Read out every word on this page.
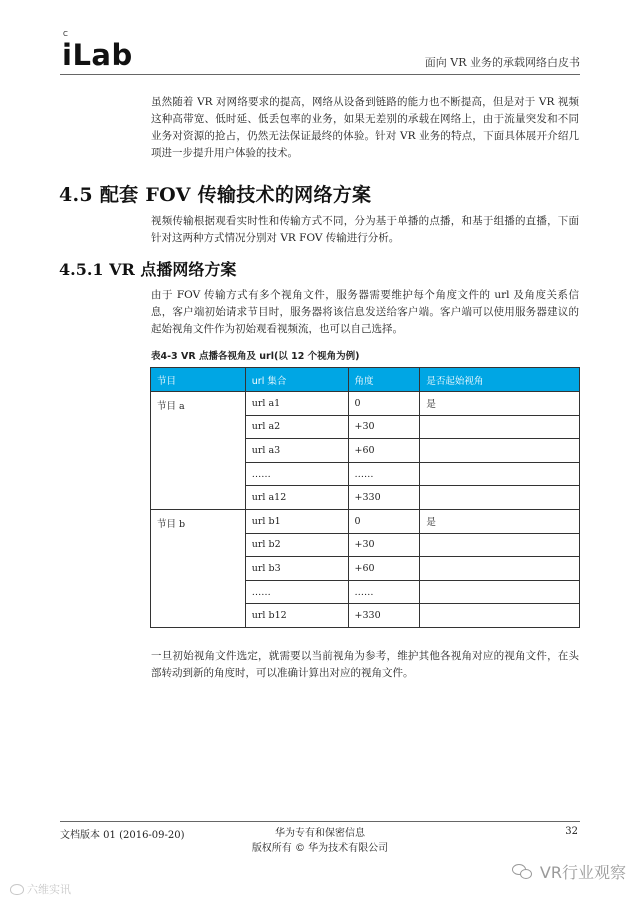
C
iLab	面向 VR 业务的承载网络白皮书

虽然随着 VR 对网络要求的提高，网络从设备到链路的能力也不断提高，但是对于 VR 视频这种高带宽、低时延、低丢包率的业务，如果无差别的承载在网络上，由于流量突发和不同业务对资源的抢占，仍然无法保证最终的体验。针对 VR 业务的特点，下面具体展开介绍几项进一步提升用户体验的技术。

4.5 配套 FOV 传输技术的网络方案

视频传输根据观看实时性和传输方式不同，分为基于单播的点播，和基于组播的直播，下面针对这两种方式情况分别对 VR FOV 传输进行分析。

4.5.1 VR 点播网络方案

由于 FOV 传输方式有多个视角文件，服务器需要维护每个角度文件的 url 及角度关系信息，客户端初始请求节目时，服务器将该信息发送给客户端。客户端可以使用服务器建议的起始视角文件作为初始观看视频流，也可以自己选择。

表4-3 VR 点播各视角及 url(以 12 个视角为例)
节目	url 集合	角度	是否起始视角
节目 a	url a1	0	是
	url a2	+30	
	url a3	+60	
	……	……	
	url a12	+330	
节目 b	url b1	0	是
	url b2	+30	
	url b3	+60	
	……	……	
	url b12	+330	

一旦初始视角文件选定，就需要以当前视角为参考，维护其他各视角对应的视角文件，在头部转动到新的角度时，可以准确计算出对应的视角文件。

文档版本 01 (2016-09-20)	华为专有和保密信息
版权所有 © 华为技术有限公司
32
VR行业观察
六维实讯
